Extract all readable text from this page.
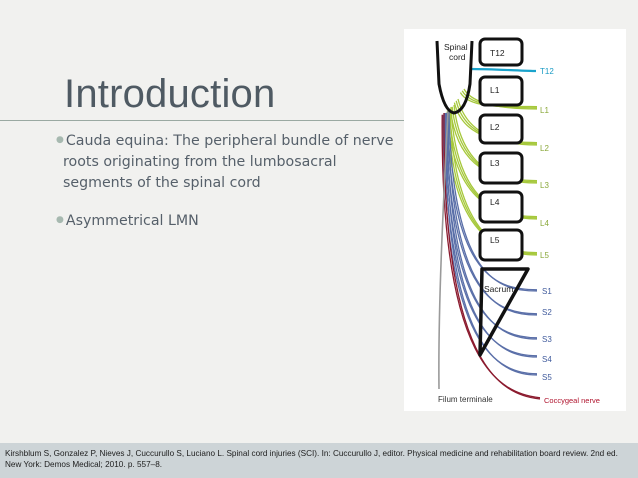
Introduction
● Cauda equina: The peripheral bundle of nerve roots originating from the lumbosacral segments of the spinal cord
● Asymmetrical LMN
T12
L1
L2
L3
L4
L5
Sacrum
Spinal
cord
Filum terminale
T12
L1
L2
L3
L4
L5
S1
S2
S3
S4
S5
Coccygeal nerve
Kirshblum S, Gonzalez P, Nieves J, Cuccurullo S, Luciano L. Spinal cord injuries (SCI). In: Cuccurullo J, editor. Physical medicine and rehabilitation board review. 2nd ed. New York: Demos Medical; 2010. p. 557–8.
